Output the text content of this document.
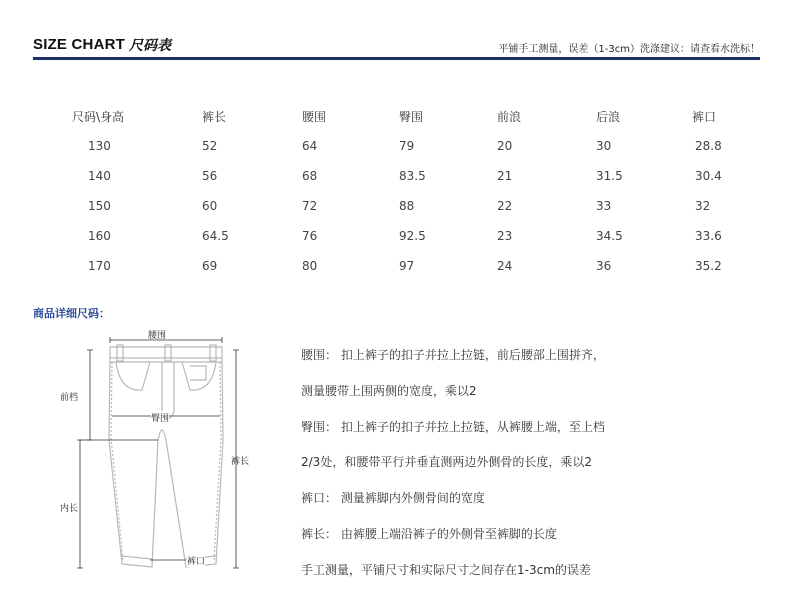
SIZE CHART 尺码表	平铺手工测量，误差（1-3cm）洗涤建议：请查看水洗标！
尺码\身高	裤长	腰围	臀围	前浪	后浪	裤口
130	52	64	79	20	30	28.8
140	56	68	83.5	21	31.5	30.4
150	60	72	88	22	33	32
160	64.5	76	92.5	23	34.5	33.6
170	69	80	97	24	36	35.2
商品详细尺码：
腰围
前档
臀围
裤长
内长
裤口
腰围： 扣上裤子的扣子并拉上拉链，前后腰部上围拼齐，
测量腰带上围两侧的宽度，乘以2
臀围： 扣上裤子的扣子并拉上拉链，从裤腰上端，至上档
2/3处，和腰带平行并垂直测两边外侧骨的长度，乘以2
裤口： 测量裤脚内外侧骨间的宽度
裤长： 由裤腰上端沿裤子的外侧骨至裤脚的长度
手工测量，平铺尺寸和实际尺寸之间存在1-3cm的误差
